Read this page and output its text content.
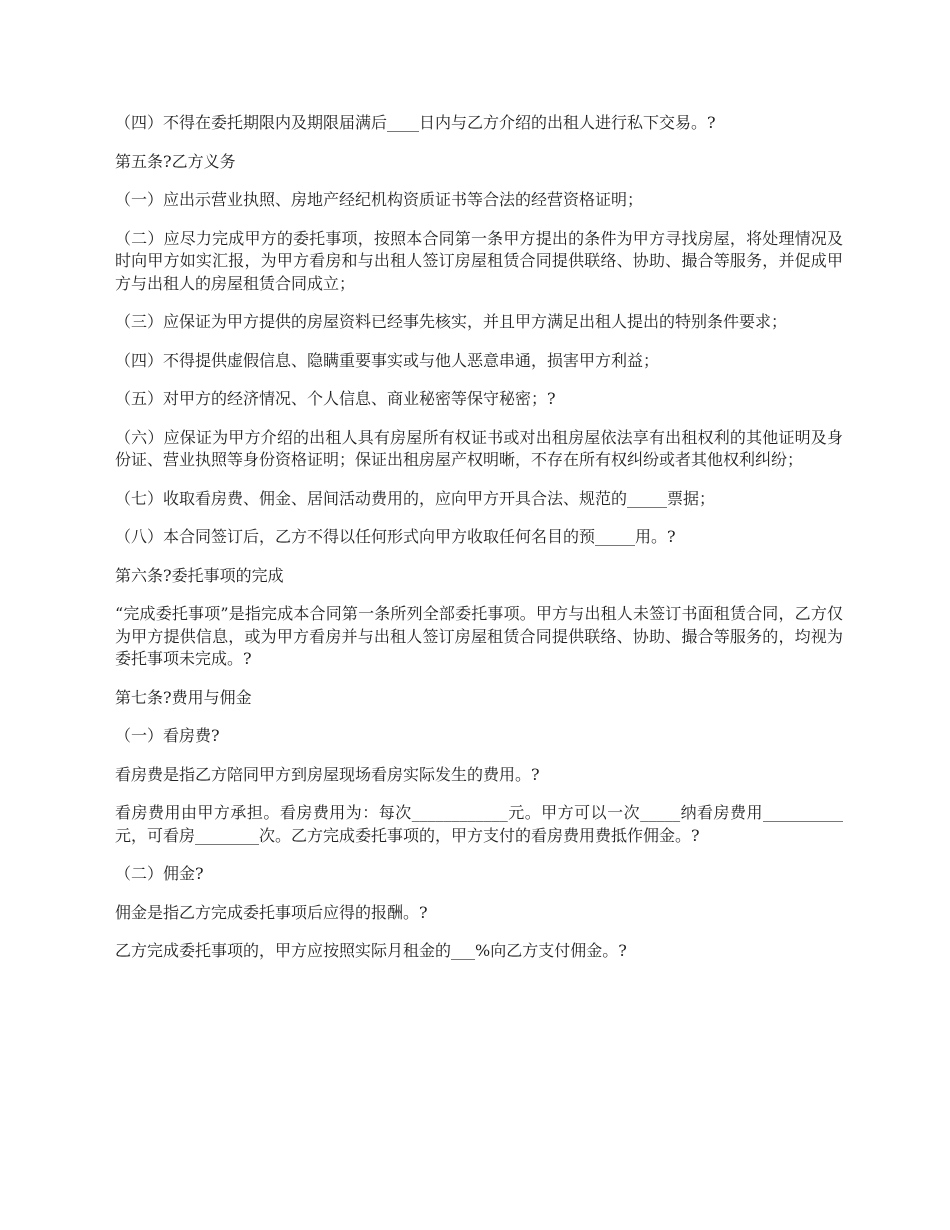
（四）不得在委托期限内及期限届满后____日内与乙方介绍的出租人进行私下交易。?

第五条?乙方义务

（一）应出示营业执照、房地产经纪机构资质证书等合法的经营资格证明；

（二）应尽力完成甲方的委托事项，按照本合同第一条甲方提出的条件为甲方寻找房屋，将处理情况及时向甲方如实汇报，为甲方看房和与出租人签订房屋租赁合同提供联络、协助、撮合等服务，并促成甲方与出租人的房屋租赁合同成立；

（三）应保证为甲方提供的房屋资料已经事先核实，并且甲方满足出租人提出的特别条件要求；

（四）不得提供虚假信息、隐瞒重要事实或与他人恶意串通，损害甲方利益；

（五）对甲方的经济情况、个人信息、商业秘密等保守秘密；?

（六）应保证为甲方介绍的出租人具有房屋所有权证书或对出租房屋依法享有出租权利的其他证明及身份证、营业执照等身份资格证明；保证出租房屋产权明晰，不存在所有权纠纷或者其他权利纠纷；

（七）收取看房费、佣金、居间活动费用的，应向甲方开具合法、规范的_____票据；

（八）本合同签订后，乙方不得以任何形式向甲方收取任何名目的预_____用。?

第六条?委托事项的完成

“完成委托事项”是指完成本合同第一条所列全部委托事项。甲方与出租人未签订书面租赁合同，乙方仅为甲方提供信息，或为甲方看房并与出租人签订房屋租赁合同提供联络、协助、撮合等服务的，均视为委托事项未完成。?

第七条?费用与佣金

（一）看房费?

看房费是指乙方陪同甲方到房屋现场看房实际发生的费用。?

看房费用由甲方承担。看房费用为：每次____________元。甲方可以一次_____纳看房费用__________元，可看房________次。乙方完成委托事项的，甲方支付的看房费用费抵作佣金。?

（二）佣金?

佣金是指乙方完成委托事项后应得的报酬。?

乙方完成委托事项的，甲方应按照实际月租金的___%向乙方支付佣金。?
